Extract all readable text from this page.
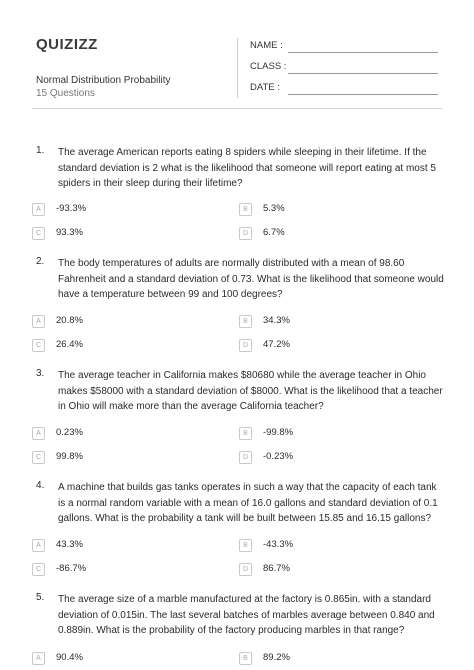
QUIZIZZ
Normal Distribution Probability
15 Questions
NAME :
CLASS :
DATE :
1. The average American reports eating 8 spiders while sleeping in their lifetime. If the standard deviation is 2 what is the likelihood that someone will report eating at most 5 spiders in their sleep during their lifetime?
A	-93.3%	B	5.3%
C	93.3%	D	6.7%
2. The body temperatures of adults are normally distributed with a mean of 98.60 Fahrenheit and a standard deviation of 0.73. What is the likelihood that someone would have a temperature between 99 and 100 degrees?
A	20.8%	B	34.3%
C	26.4%	D	47.2%
3. The average teacher in California makes $80680 while the average teacher in Ohio makes $58000 with a standard deviation of $8000. What is the likelihood that a teacher in Ohio will make more than the average California teacher?
A	0.23%	B	-99.8%
C	99.8%	D	-0.23%
4. A machine that builds gas tanks operates in such a way that the capacity of each tank is a normal random variable with a mean of 16.0 gallons and standard deviation of 0.1 gallons. What is the probability a tank will be built between 15.85 and 16.15 gallons?
A	43.3%	B	-43.3%
C	-86.7%	D	86.7%
5. The average size of a marble manufactured at the factory is 0.865in. with a standard deviation of 0.015in. The last several batches of marbles average between 0.840 and 0.889in. What is the probability of the factory producing marbles in that range?
A	90.4%	B	89.2%
